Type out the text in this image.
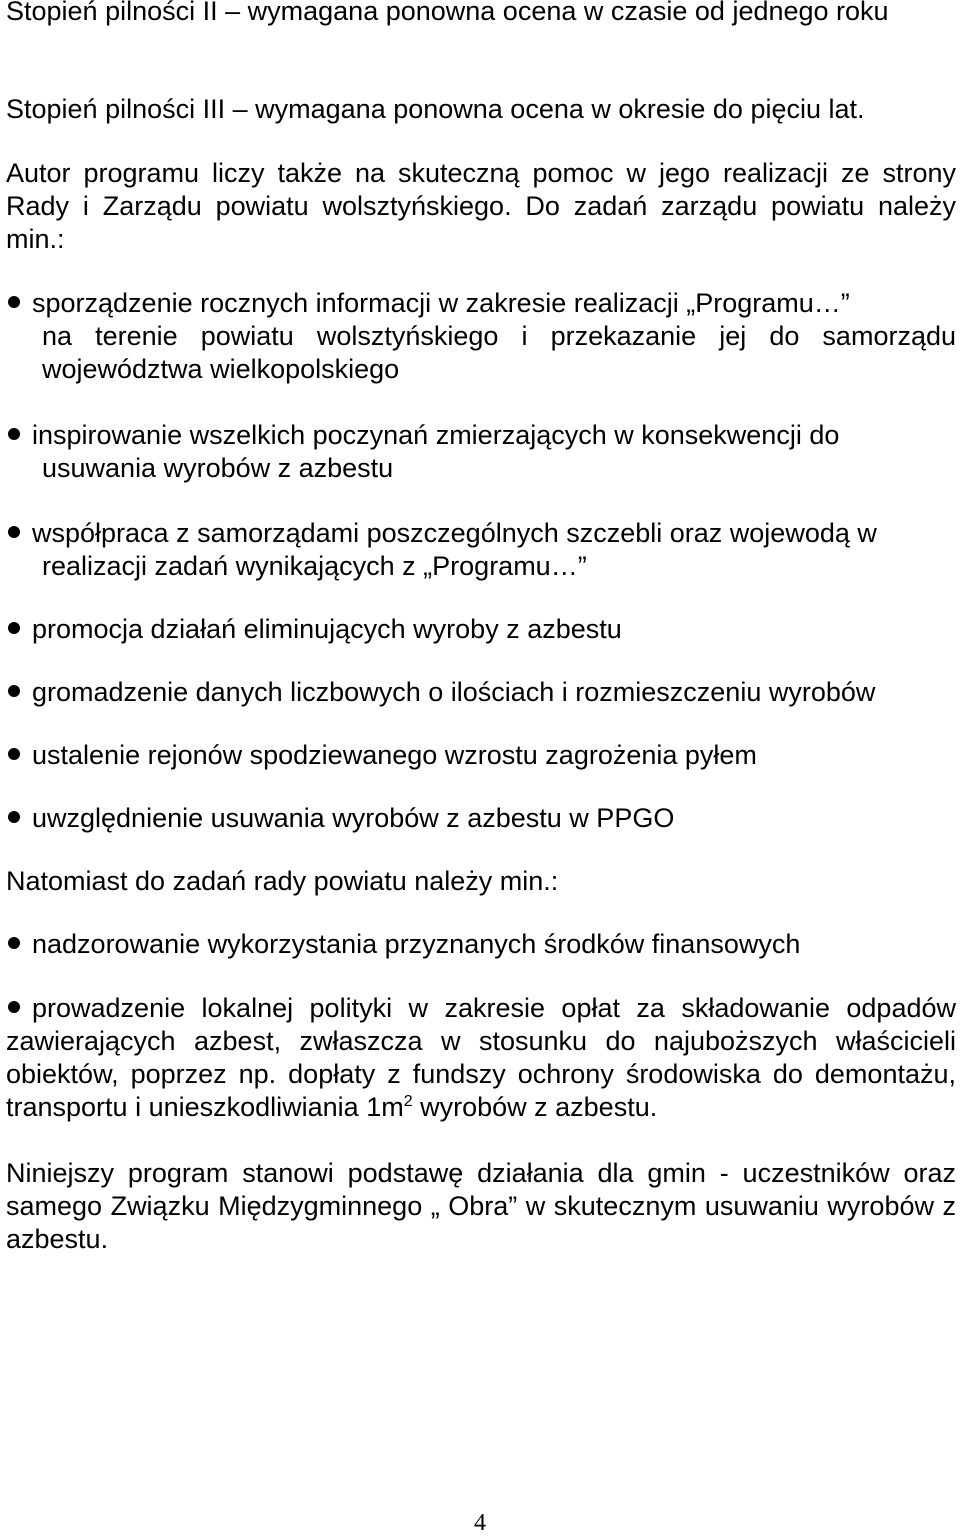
Stopień pilności II – wymagana ponowna ocena w czasie od jednego roku

Stopień pilności III – wymagana ponowna ocena w okresie do pięciu lat.

Autor programu liczy także na skuteczną pomoc w jego realizacji ze strony Rady i Zarządu powiatu wolsztyńskiego. Do zadań zarządu powiatu należy min.:

sporządzenie rocznych informacji w zakresie realizacji „Programu…”
na terenie powiatu wolsztyńskiego i przekazanie jej do samorządu województwa wielkopolskiego
inspirowanie wszelkich poczynań zmierzających w konsekwencji do
usuwania wyrobów z azbestu
współpraca z samorządami poszczególnych szczebli oraz wojewodą w
realizacji zadań wynikających z „Programu…”
promocja działań eliminujących wyroby z azbestu
gromadzenie danych liczbowych o ilościach i rozmieszczeniu wyrobów
ustalenie rejonów spodziewanego wzrostu zagrożenia pyłem
uwzględnienie usuwania wyrobów z azbestu w PPGO

Natomiast do zadań rady powiatu należy min.:

nadzorowanie wykorzystania przyznanych środków finansowych
prowadzenie lokalnej polityki w zakresie opłat za składowanie odpadów zawierających azbest, zwłaszcza w stosunku do najuboższych właścicieli obiektów, poprzez np. dopłaty z fundszy ochrony środowiska do demontażu, transportu i unieszkodliwiania $1m^2$ wyrobów z azbestu.

Niniejszy program stanowi podstawę działania dla gmin - uczestników oraz samego Związku Międzygminnego „ Obra” w skutecznym usuwaniu wyrobów z azbestu.

4
